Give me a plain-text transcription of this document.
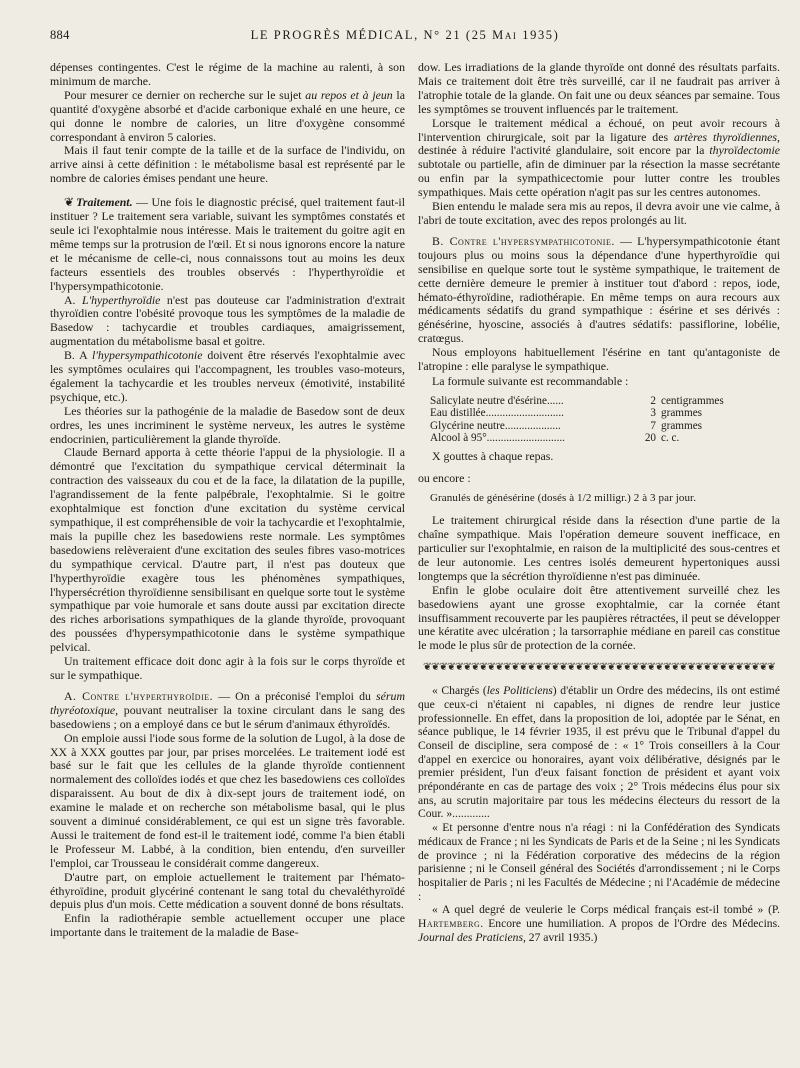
884	LE PROGRÈS MÉDICAL, N° 21 (25 Mai 1935)

dépenses contingentes. C'est le régime de la machine au ralenti, à son minimum de marche.

Pour mesurer ce dernier on recherche sur le sujet au repos et à jeun la quantité d'oxygène absorbé et d'acide carbonique exhalé en une heure, ce qui donne le nombre de calories, un litre d'oxygène consommé correspondant à environ 5 calories.

Mais il faut tenir compte de la taille et de la surface de l'individu, on arrive ainsi à cette définition : le métabolisme basal est représenté par le nombre de calories émises pendant une heure.

❦ Traitement. — Une fois le diagnostic précisé, quel traitement faut-il instituer ? Le traitement sera variable, suivant les symptômes constatés et seule ici l'exophtalmie nous intéresse. Mais le traitement du goitre agit en même temps sur la protrusion de l'œil. Et si nous ignorons encore la nature et le mécanisme de celle-ci, nous connaissons tout au moins les deux facteurs essentiels des troubles observés : l'hyperthyroïdie et l'hypersympathicotonie.

A. L'hyperthyroïdie n'est pas douteuse car l'administration d'extrait thyroïdien contre l'obésité provoque tous les symptômes de la maladie de Basedow : tachycardie et troubles cardiaques, amaigrissement, augmentation du métabolisme basal et goitre.

B. A l'hypersympathicotonie doivent être réservés l'exophtalmie avec les symptômes oculaires qui l'accompagnent, les troubles vaso-moteurs, également la tachycardie et les troubles nerveux (émotivité, instabilité psychique, etc.).

Les théories sur la pathogénie de la maladie de Basedow sont de deux ordres, les unes incriminent le système nerveux, les autres le système endocrinien, particulièrement la glande thyroïde.

Claude Bernard apporta à cette théorie l'appui de la physiologie. Il a démontré que l'excitation du sympathique cervical déterminait la contraction des vaisseaux du cou et de la face, la dilatation de la pupille, l'agrandissement de la fente palpébrale, l'exophtalmie. Si le goitre exophtalmique est fonction d'une excitation du système cervical sympathique, il est compréhensible de voir la tachycardie et l'exophtalmie, mais la pupille chez les basedowiens reste normale. Les symptômes basedowiens relèveraient d'une excitation des seules fibres vaso-motrices du sympathique cervical. D'autre part, il n'est pas douteux que l'hyperthyroïdie exagère tous les phénomènes sympathiques, l'hypersécrétion thyroïdienne sensibilisant en quelque sorte tout le système sympathique par voie humorale et sans doute aussi par excitation directe des riches arborisations sympathiques de la glande thyroïde, provoquant des poussées d'hypersympathicotonie dans le système sympathique pelvical.

Un traitement efficace doit donc agir à la fois sur le corps thyroïde et sur le sympathique.

A. Contre l'hyperthyroïdie. — On a préconisé l'emploi du sérum thyréotoxique, pouvant neutraliser la toxine circulant dans le sang des basedowiens ; on a employé dans ce but le sérum d'animaux éthyroïdés.

On emploie aussi l'iode sous forme de la solution de Lugol, à la dose de XX à XXX gouttes par jour, par prises morcelées. Le traitement iodé est basé sur le fait que les cellules de la glande thyroïde contiennent normalement des colloïdes iodés et que chez les basedowiens ces colloïdes disparaissent. Au bout de dix à dix-sept jours de traitement iodé, on examine le malade et on recherche son métabolisme basal, qui le plus souvent a diminué considérablement, ce qui est un signe très favorable. Aussi le traitement de fond est-il le traitement iodé, comme l'a bien établi le Professeur M. Labbé, à la condition, bien entendu, d'en surveiller l'emploi, car Trousseau le considérait comme dangereux.

D'autre part, on emploie actuellement le traitement par l'hémato-éthyroïdine, produit glycériné contenant le sang total du chevaléthyroïdé depuis plus d'un mois. Cette médication a souvent donné de bons résultats.

Enfin la radiothérapie semble actuellement occuper une place importante dans le traitement de la maladie de Base-

dow. Les irradiations de la glande thyroïde ont donné des résultats parfaits. Mais ce traitement doit être très surveillé, car il ne faudrait pas arriver à l'atrophie totale de la glande. On fait une ou deux séances par semaine. Tous les symptômes se trouvent influencés par le traitement.

Lorsque le traitement médical a échoué, on peut avoir recours à l'intervention chirurgicale, soit par la ligature des artères thyroïdiennes, destinée à réduire l'activité glandulaire, soit encore par la thyroïdectomie subtotale ou partielle, afin de diminuer par la résection la masse secrétante ou enfin par la sympathicectomie pour lutter contre les troubles sympathiques. Mais cette opération n'agit pas sur les centres autonomes.

Bien entendu le malade sera mis au repos, il devra avoir une vie calme, à l'abri de toute excitation, avec des repos prolongés au lit.

B. Contre l'hypersympathicotonie. — L'hypersympathicotonie étant toujours plus ou moins sous la dépendance d'une hyperthyroïdie qui sensibilise en quelque sorte tout le système sympathique, le traitement de cette dernière demeure le premier à instituer tout d'abord : repos, iode, hémato-éthyroïdine, radiothérapie. En même temps on aura recours aux médicaments sédatifs du grand sympathique : ésérine et ses dérivés : génésérine, hyoscine, associés à d'autres sédatifs: passiflorine, lobélie, cratœgus.

Nous employons habituellement l'ésérine en tant qu'antagoniste de l'atropine : elle paralyse le sympathique.

La formule suivante est recommandable :

Salicylate neutre d'ésérine......	2	centigrammes
Eau distillée............................	3	grammes
Glycérine neutre....................	7	grammes
Alcool à 95°............................	20	c. c.

X gouttes à chaque repas.

ou encore :

Granulés de génésérine (dosés à 1/2 milligr.) 2 à 3 par jour.

Le traitement chirurgical réside dans la résection d'une partie de la chaîne sympathique. Mais l'opération demeure souvent inefficace, en particulier sur l'exophtalmie, en raison de la multiplicité des sous-centres et de leur autonomie. Les centres isolés demeurent hypertoniques aussi longtemps que la sécrétion thyroïdienne n'est pas diminuée.

Enfin le globe oculaire doit être attentivement surveillé chez les basedowiens ayant une grosse exophtalmie, car la cornée étant insuffisamment recouverte par les paupières rétractées, il peut se développer une kératite avec ulcération ; la tarsorraphie médiane en pareil cas constitue le mode le plus sûr de protection de la cornée.

❦❦❦❦❦❦❦❦❦❦❦❦❦❦❦❦❦❦❦❦❦❦❦❦❦❦❦❦❦❦❦❦❦❦❦❦❦❦❦❦❦❦❦❦

« Chargés (les Politiciens) d'établir un Ordre des médecins, ils ont estimé que ceux-ci n'étaient ni capables, ni dignes de rendre leur justice professionnelle. En effet, dans la proposition de loi, adoptée par le Sénat, en séance publique, le 14 février 1935, il est prévu que le Tribunal d'appel du Conseil de discipline, sera composé de : « 1° Trois conseillers à la Cour d'appel en exercice ou honoraires, ayant voix délibérative, désignés par le premier président, l'un d'eux faisant fonction de président et ayant voix prépondérante en cas de partage des voix ; 2° Trois médecins élus pour six ans, au scrutin majoritaire par tous les médecins électeurs du ressort de la Cour. ».............

« Et personne d'entre nous n'a réagi : ni la Confédération des Syndicats médicaux de France ; ni les Syndicats de Paris et de la Seine ; ni les Syndicats de province ; ni la Fédération corporative des médecins de la région parisienne ; ni le Conseil général des Sociétés d'arrondissement ; ni le Corps hospitalier de Paris ; ni les Facultés de Médecine ; ni l'Académie de médecine :

« A quel degré de veulerie le Corps médical français est-il tombé » (P. Hartemberg. Encore une humiliation. A propos de l'Ordre des Médecins. Journal des Praticiens, 27 avril 1935.)
